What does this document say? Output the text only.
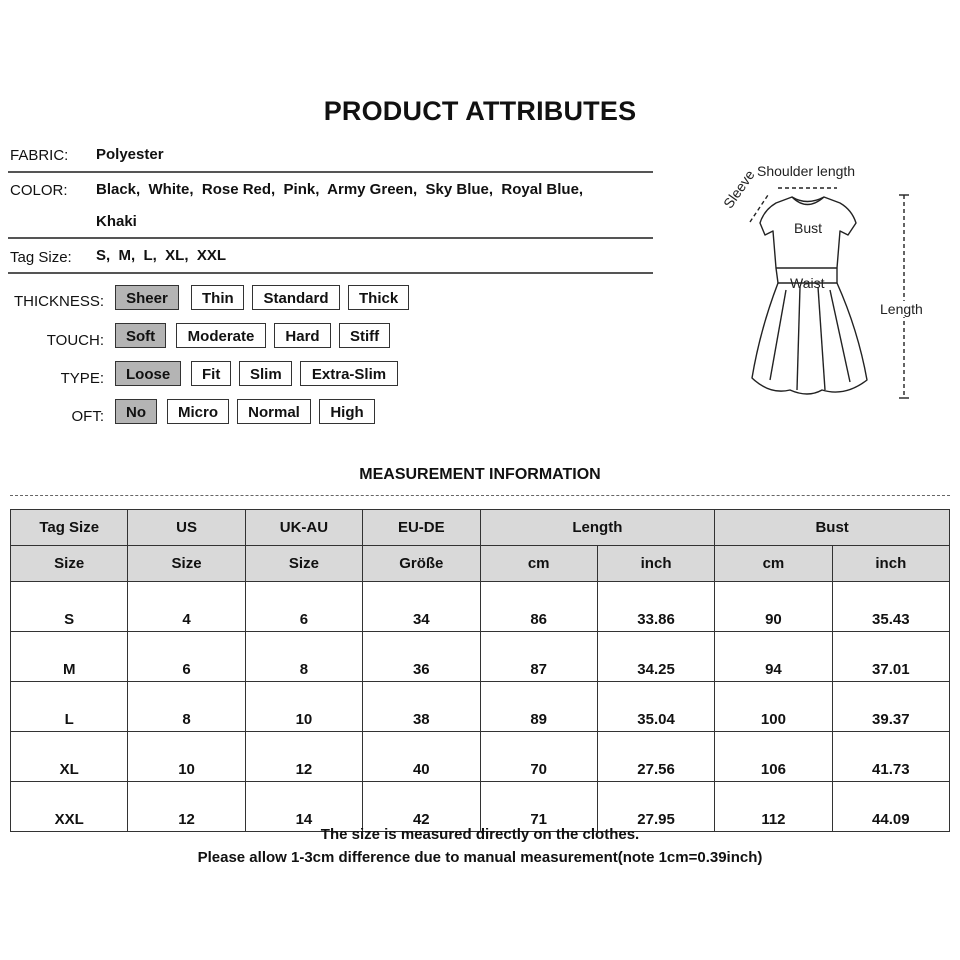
PRODUCT ATTRIBUTES
FABRIC: Polyester
COLOR: Black,  White,  Rose Red,  Pink,  Army Green,  Sky Blue,  Royal Blue,
Khaki
Tag Size: S,  M,  L,  XL,  XXL
THICKNESS:	Sheer	Thin	Standard	Thick
TOUCH:	Soft	Moderate	Hard	Stiff
TYPE:	Loose	Fit	Slim	Extra-Slim
OFT:	No	Micro	Normal	High
Shoulder length
Sleeve
Bust
Waist
Length
MEASUREMENT INFORMATION
Tag Size	US	UK-AU	EU-DE	Length		Bust	
Size	Size	Size	Größe	cm	inch	cm	inch
S	4	6	34	86	33.86	90	35.43
M	6	8	36	87	34.25	94	37.01
L	8	10	38	89	35.04	100	39.37
XL	10	12	40	70	27.56	106	41.73
XXL	12	14	42	71	27.95	112	44.09
The size is measured directly on the clothes.
Please allow 1-3cm difference due to manual measurement(note 1cm=0.39inch)
